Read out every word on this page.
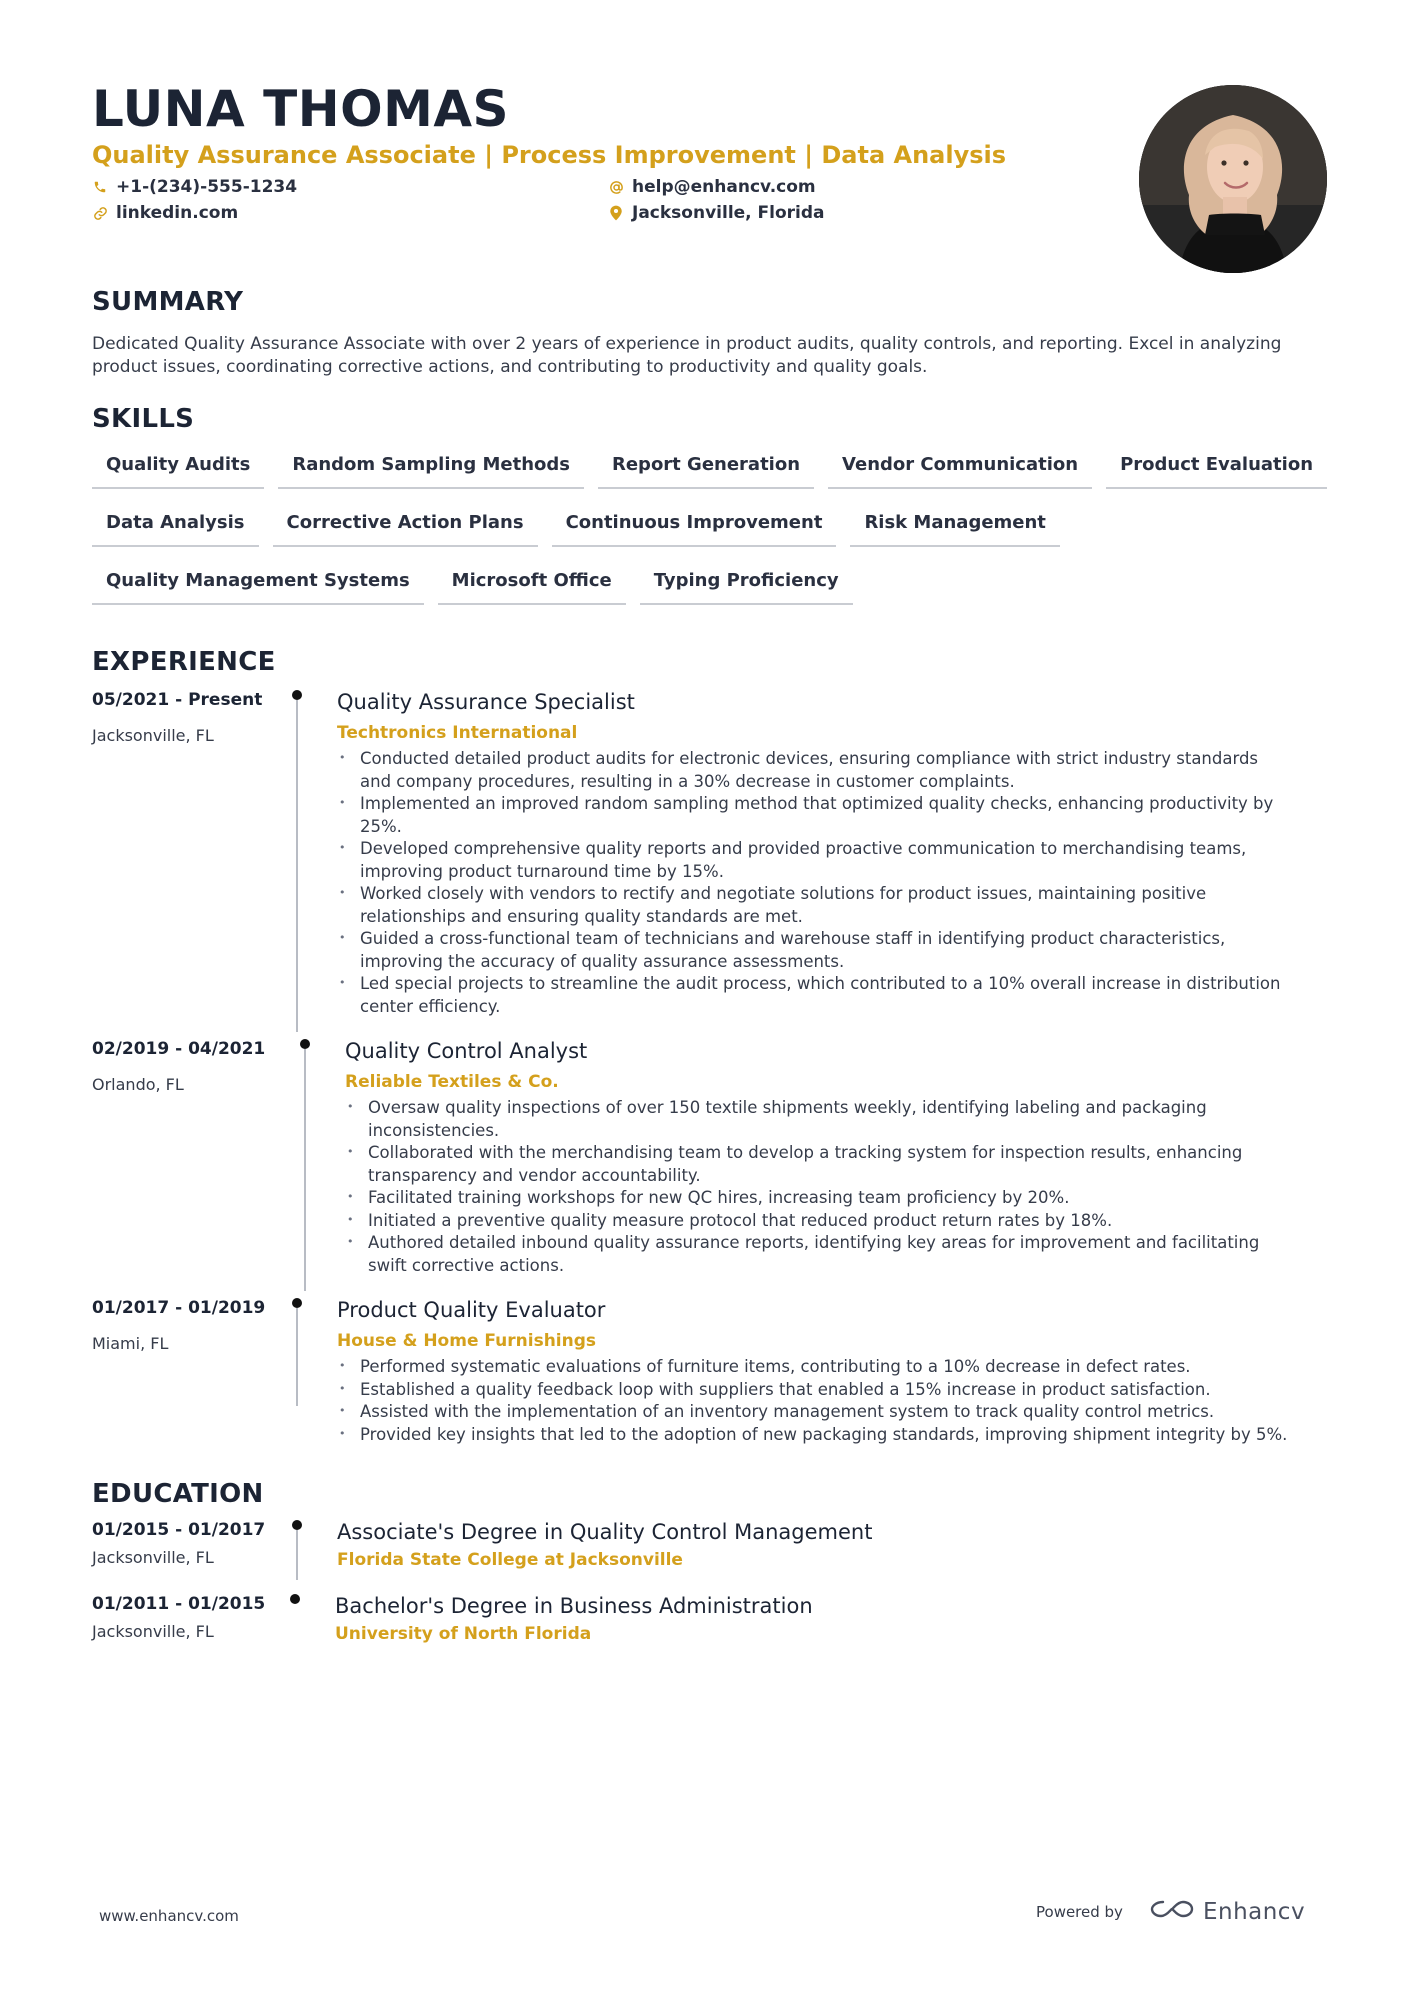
LUNA THOMAS
Quality Assurance Associate | Process Improvement | Data Analysis
+1-(234)-555-1234	help@enhancv.com
linkedin.com	Jacksonville, Florida
SUMMARY
Dedicated Quality Assurance Associate with over 2 years of experience in product audits, quality controls, and reporting. Excel in analyzing product issues, coordinating corrective actions, and contributing to productivity and quality goals.
SKILLS
Quality Audits	Random Sampling Methods	Report Generation	Vendor Communication	Product Evaluation
Data Analysis	Corrective Action Plans	Continuous Improvement	Risk Management
Quality Management Systems	Microsoft Office	Typing Proficiency
EXPERIENCE
05/2021 - Present
Jacksonville, FL
Quality Assurance Specialist
Techtronics International
• Conducted detailed product audits for electronic devices, ensuring compliance with strict industry standards
and company procedures, resulting in a 30% decrease in customer complaints.
• Implemented an improved random sampling method that optimized quality checks, enhancing productivity by
25%.
• Developed comprehensive quality reports and provided proactive communication to merchandising teams,
improving product turnaround time by 15%.
• Worked closely with vendors to rectify and negotiate solutions for product issues, maintaining positive
relationships and ensuring quality standards are met.
• Guided a cross-functional team of technicians and warehouse staff in identifying product characteristics,
improving the accuracy of quality assurance assessments.
• Led special projects to streamline the audit process, which contributed to a 10% overall increase in distribution
center efficiency.
02/2019 - 04/2021
Orlando, FL
Quality Control Analyst
Reliable Textiles & Co.
• Oversaw quality inspections of over 150 textile shipments weekly, identifying labeling and packaging
inconsistencies.
• Collaborated with the merchandising team to develop a tracking system for inspection results, enhancing
transparency and vendor accountability.
• Facilitated training workshops for new QC hires, increasing team proficiency by 20%.
• Initiated a preventive quality measure protocol that reduced product return rates by 18%.
• Authored detailed inbound quality assurance reports, identifying key areas for improvement and facilitating
swift corrective actions.
01/2017 - 01/2019
Miami, FL
Product Quality Evaluator
House & Home Furnishings
• Performed systematic evaluations of furniture items, contributing to a 10% decrease in defect rates.
• Established a quality feedback loop with suppliers that enabled a 15% increase in product satisfaction.
• Assisted with the implementation of an inventory management system to track quality control metrics.
• Provided key insights that led to the adoption of new packaging standards, improving shipment integrity by 5%.
EDUCATION
01/2015 - 01/2017
Jacksonville, FL
Associate's Degree in Quality Control Management
Florida State College at Jacksonville
01/2011 - 01/2015
Jacksonville, FL
Bachelor's Degree in Business Administration
University of North Florida
www.enhancv.com	Powered by	Enhancv
